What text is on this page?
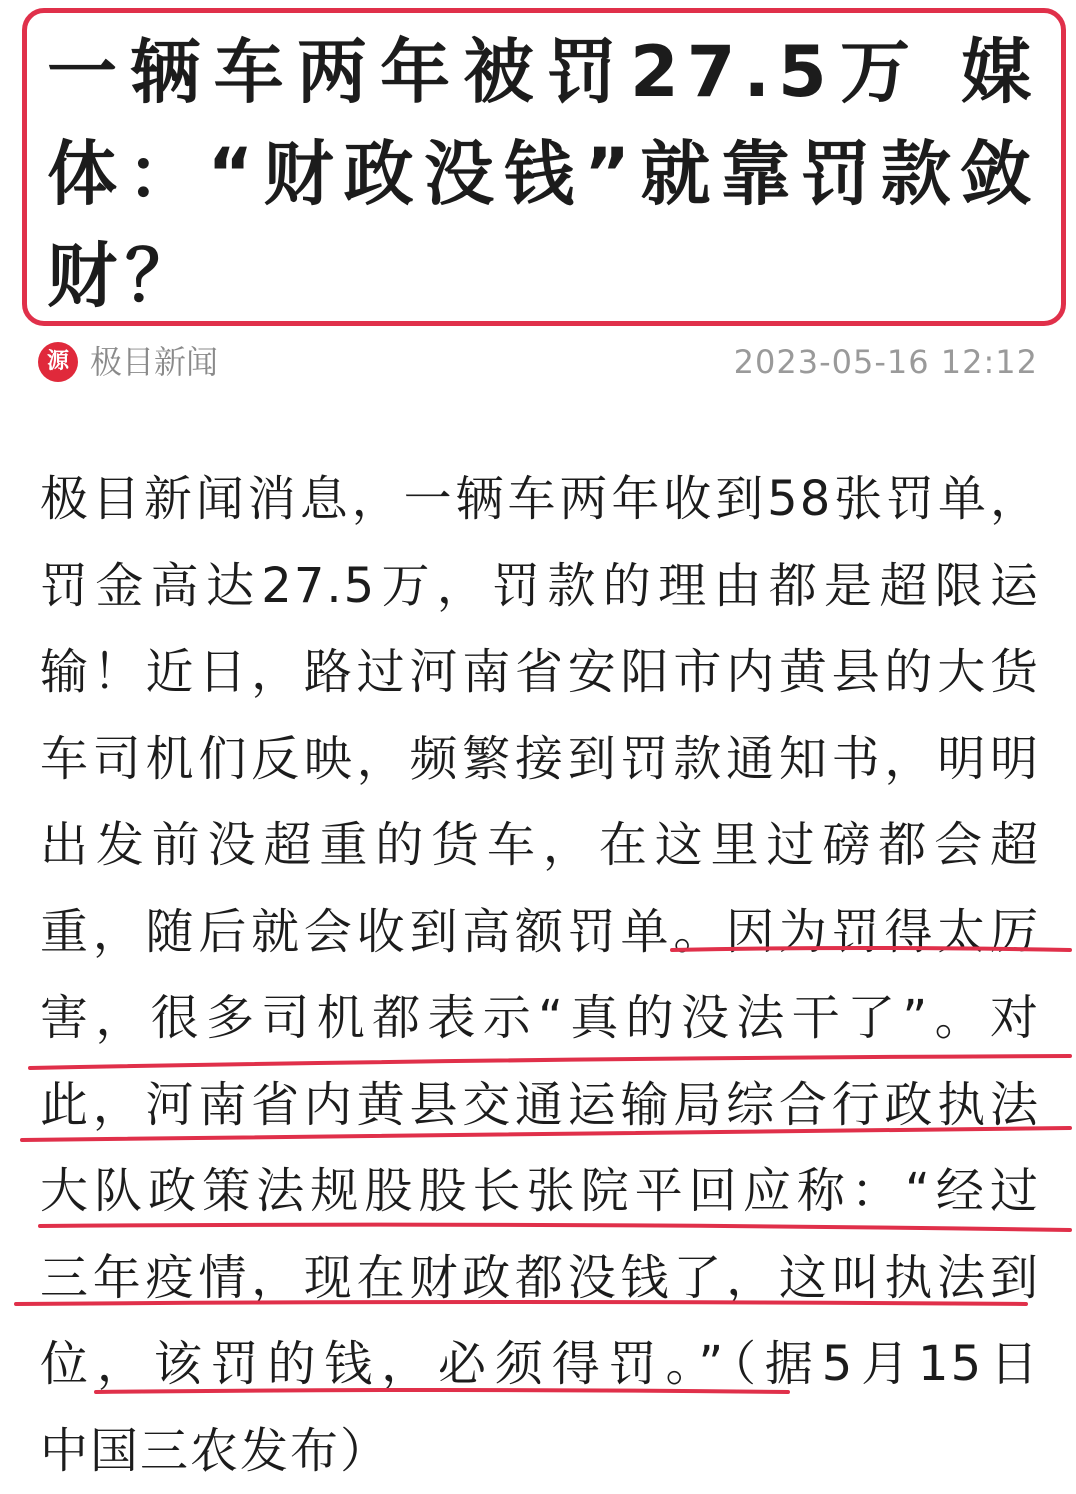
一辆车两年被罚27.5万 媒体：“财政没钱”就靠罚款敛财？
源 极目新闻	2023-05-16 12:12
极目新闻消息，一辆车两年收到58张罚单，
罚金高达27.5万，罚款的理由都是超限运
输！近日，路过河南省安阳市内黄县的大货
车司机们反映，频繁接到罚款通知书，明明
出发前没超重的货车，在这里过磅都会超
重，随后就会收到高额罚单。因为罚得太厉
害，很多司机都表示“真的没法干了”。对
此，河南省内黄县交通运输局综合行政执法
大队政策法规股股长张院平回应称：“经过
三年疫情，现在财政都没钱了，这叫执法到
位，该罚的钱，必须得罚。”（据5月15日
中国三农发布）
